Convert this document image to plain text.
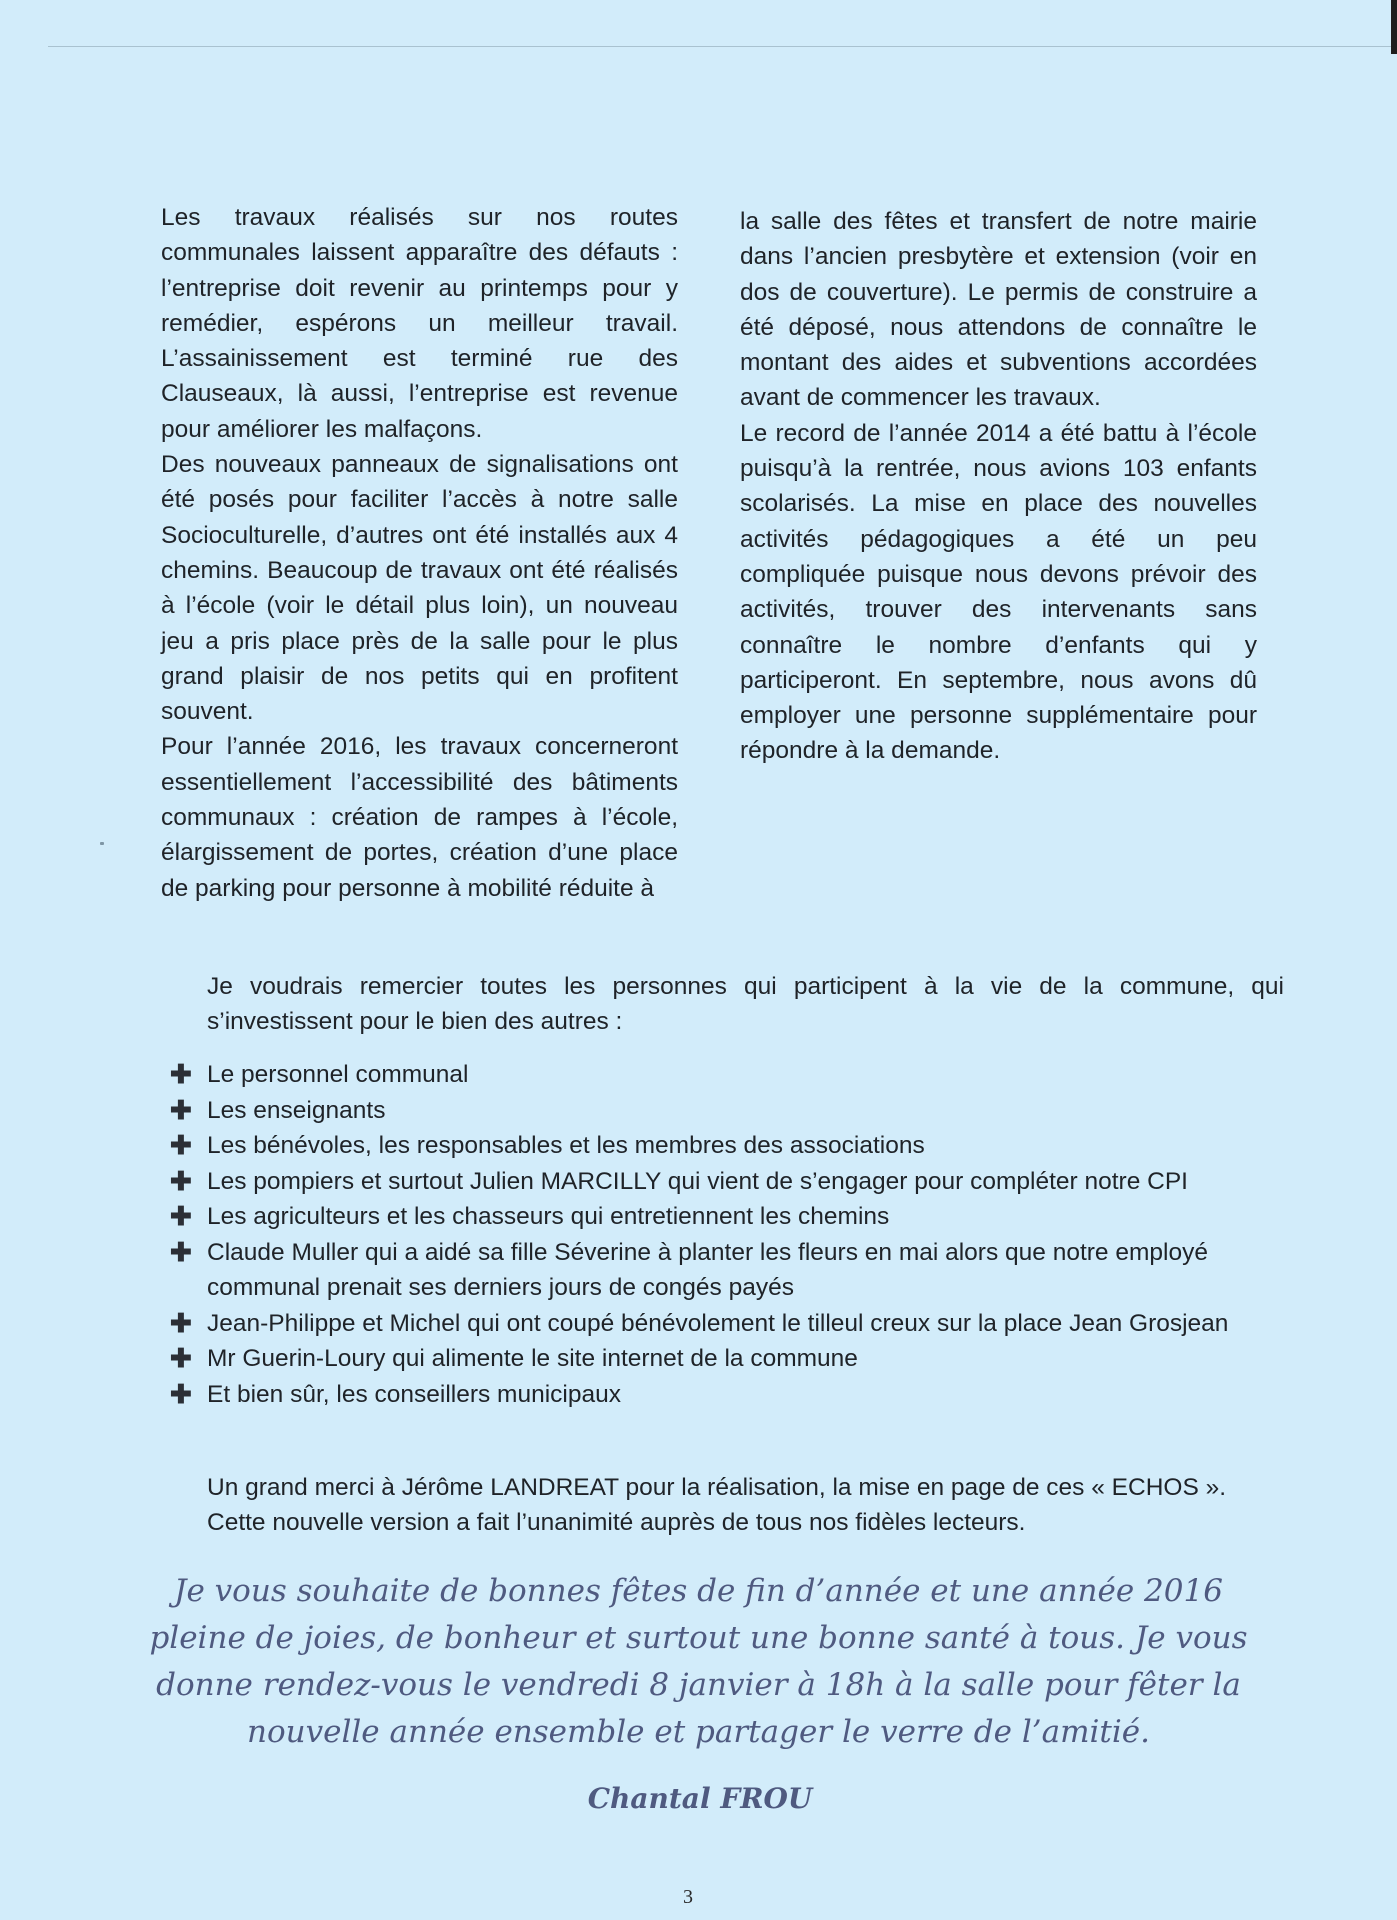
Les travaux réalisés sur nos routes communales laissent apparaître des défauts : l’entreprise doit revenir au printemps pour y remédier, espérons un meilleur travail. L’assainissement est terminé rue des Clauseaux, là aussi, l’entreprise est revenue pour améliorer les malfaçons.

Des nouveaux panneaux de signalisations ont été posés pour faciliter l’accès à notre salle Socioculturelle, d’autres ont été installés aux 4 chemins. Beaucoup de travaux ont été réalisés à l’école (voir le détail plus loin), un nouveau jeu a pris place près de la salle pour le plus grand plaisir de nos petits qui en profitent souvent.

Pour l’année 2016, les travaux concerneront essentiellement l’accessibilité des bâtiments communaux : création de rampes à l’école, élargissement de portes, création d’une place de parking pour personne à mobilité réduite à

la salle des fêtes et transfert de notre mairie dans l’ancien presbytère et extension (voir en dos de couverture). Le permis de construire a été déposé, nous attendons de connaître le montant des aides et subventions accordées avant de commencer les travaux.

Le record de l’année 2014 a été battu à l’école puisqu’à la rentrée, nous avions 103 enfants scolarisés. La mise en place des nouvelles activités pédagogiques a été un peu compliquée puisque nous devons prévoir des activités, trouver des intervenants sans connaître le nombre d’enfants qui y participeront. En septembre, nous avons dû employer une personne supplémentaire pour répondre à la demande.

Je voudrais remercier toutes les personnes qui participent à la vie de la commune, qui s’investissent pour le bien des autres :

✚ Le personnel communal
✚ Les enseignants
✚ Les bénévoles, les responsables et les membres des associations
✚ Les pompiers et surtout Julien MARCILLY qui vient de s’engager pour compléter notre CPI
✚ Les agriculteurs et les chasseurs qui entretiennent les chemins
✚ Claude Muller qui a aidé sa fille Séverine à planter les fleurs en mai alors que notre employé communal prenait ses derniers jours de congés payés
✚ Jean-Philippe et Michel qui ont coupé bénévolement le tilleul creux sur la place Jean Grosjean
✚ Mr Guerin-Loury qui alimente le site internet de la commune
✚ Et bien sûr, les conseillers municipaux
Un grand merci à Jérôme LANDREAT pour la réalisation, la mise en page de ces « ECHOS ».
Cette nouvelle version a fait l’unanimité auprès de tous nos fidèles lecteurs.

Je vous souhaite de bonnes fêtes de fin d’année et une année 2016 pleine de joies, de bonheur et surtout une bonne santé à tous. Je vous donne rendez-vous le vendredi 8 janvier à 18h à la salle pour fêter la nouvelle année ensemble et partager le verre de l’amitié.

Chantal FROU

3
